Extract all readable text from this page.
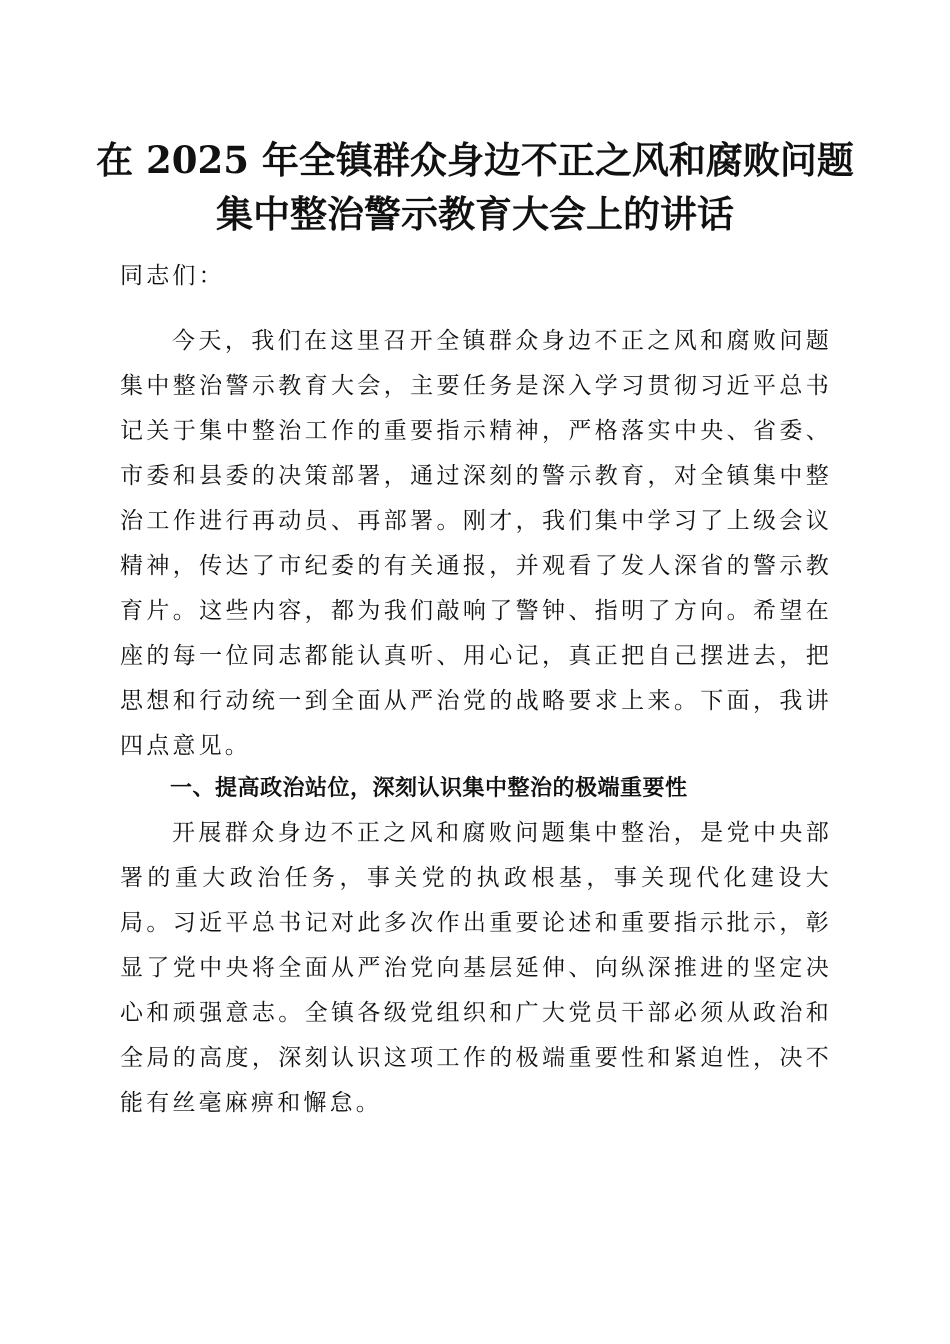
在 2025 年全镇群众身边不正之风和腐败问题
集中整治警示教育大会上的讲话

同志们：

今天，我们在这里召开全镇群众身边不正之风和腐败问题集中整治警示教育大会，主要任务是深入学习贯彻习近平总书记关于集中整治工作的重要指示精神，严格落实中央、省委、市委和县委的决策部署，通过深刻的警示教育，对全镇集中整治工作进行再动员、再部署。刚才，我们集中学习了上级会议精神，传达了市纪委的有关通报，并观看了发人深省的警示教育片。这些内容，都为我们敲响了警钟、指明了方向。希望在座的每一位同志都能认真听、用心记，真正把自己摆进去，把思想和行动统一到全面从严治党的战略要求上来。下面，我讲四点意见。

一、提高政治站位，深刻认识集中整治的极端重要性

开展群众身边不正之风和腐败问题集中整治，是党中央部署的重大政治任务，事关党的执政根基，事关现代化建设大局。习近平总书记对此多次作出重要论述和重要指示批示，彰显了党中央将全面从严治党向基层延伸、向纵深推进的坚定决心和顽强意志。全镇各级党组织和广大党员干部必须从政治和全局的高度，深刻认识这项工作的极端重要性和紧迫性，决不能有丝毫麻痹和懈怠。
